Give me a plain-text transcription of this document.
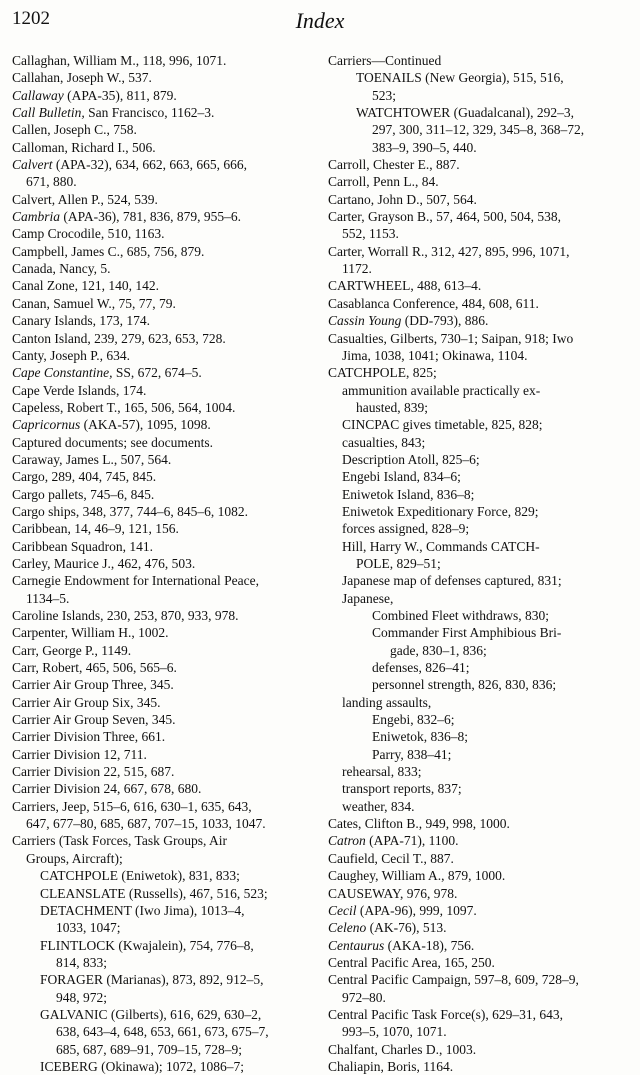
1202	Index
Callaghan, William M., 118, 996, 1071.
Callahan, Joseph W., 537.
Callaway (APA-35), 811, 879.
Call Bulletin, San Francisco, 1162–3.
Callen, Joseph C., 758.
Calloman, Richard I., 506.
Calvert (APA-32), 634, 662, 663, 665, 666,
671, 880.
Calvert, Allen P., 524, 539.
Cambria (APA-36), 781, 836, 879, 955–6.
Camp Crocodile, 510, 1163.
Campbell, James C., 685, 756, 879.
Canada, Nancy, 5.
Canal Zone, 121, 140, 142.
Canan, Samuel W., 75, 77, 79.
Canary Islands, 173, 174.
Canton Island, 239, 279, 623, 653, 728.
Canty, Joseph P., 634.
Cape Constantine, SS, 672, 674–5.
Cape Verde Islands, 174.
Capeless, Robert T., 165, 506, 564, 1004.
Capricornus (AKA-57), 1095, 1098.
Captured documents; see documents.
Caraway, James L., 507, 564.
Cargo, 289, 404, 745, 845.
Cargo pallets, 745–6, 845.
Cargo ships, 348, 377, 744–6, 845–6, 1082.
Caribbean, 14, 46–9, 121, 156.
Caribbean Squadron, 141.
Carley, Maurice J., 462, 476, 503.
Carnegie Endowment for International Peace,
1134–5.
Caroline Islands, 230, 253, 870, 933, 978.
Carpenter, William H., 1002.
Carr, George P., 1149.
Carr, Robert, 465, 506, 565–6.
Carrier Air Group Three, 345.
Carrier Air Group Six, 345.
Carrier Air Group Seven, 345.
Carrier Division Three, 661.
Carrier Division 12, 711.
Carrier Division 22, 515, 687.
Carrier Division 24, 667, 678, 680.
Carriers, Jeep, 515–6, 616, 630–1, 635, 643,
647, 677–80, 685, 687, 707–15, 1033, 1047.
Carriers (Task Forces, Task Groups, Air
Groups, Aircraft);
CATCHPOLE (Eniwetok), 831, 833;
CLEANSLATE (Russells), 467, 516, 523;
DETACHMENT (Iwo Jima), 1013–4,
1033, 1047;
FLINTLOCK (Kwajalein), 754, 776–8,
814, 833;
FORAGER (Marianas), 873, 892, 912–5,
948, 972;
GALVANIC (Gilberts), 616, 629, 630–2,
638, 643–4, 648, 653, 661, 673, 675–7,
685, 687, 689–91, 709–15, 728–9;
ICEBERG (Okinawa); 1072, 1086–7;
Carriers—Continued
TOENAILS (New Georgia), 515, 516,
523;
WATCHTOWER (Guadalcanal), 292–3,
297, 300, 311–12, 329, 345–8, 368–72,
383–9, 390–5, 440.
Carroll, Chester E., 887.
Carroll, Penn L., 84.
Cartano, John D., 507, 564.
Carter, Grayson B., 57, 464, 500, 504, 538,
552, 1153.
Carter, Worrall R., 312, 427, 895, 996, 1071,
1172.
CARTWHEEL, 488, 613–4.
Casablanca Conference, 484, 608, 611.
Cassin Young (DD-793), 886.
Casualties, Gilberts, 730–1; Saipan, 918; Iwo
Jima, 1038, 1041; Okinawa, 1104.
CATCHPOLE, 825;
ammunition available practically ex-
hausted, 839;
CINCPAC gives timetable, 825, 828;
casualties, 843;
Description Atoll, 825–6;
Engebi Island, 834–6;
Eniwetok Island, 836–8;
Eniwetok Expeditionary Force, 829;
forces assigned, 828–9;
Hill, Harry W., Commands CATCH-
POLE, 829–51;
Japanese map of defenses captured, 831;
Japanese,
Combined Fleet withdraws, 830;
Commander First Amphibious Bri-
gade, 830–1, 836;
defenses, 826–41;
personnel strength, 826, 830, 836;
landing assaults,
Engebi, 832–6;
Eniwetok, 836–8;
Parry, 838–41;
rehearsal, 833;
transport reports, 837;
weather, 834.
Cates, Clifton B., 949, 998, 1000.
Catron (APA-71), 1100.
Caufield, Cecil T., 887.
Caughey, William A., 879, 1000.
CAUSEWAY, 976, 978.
Cecil (APA-96), 999, 1097.
Celeno (AK-76), 513.
Centaurus (AKA-18), 756.
Central Pacific Area, 165, 250.
Central Pacific Campaign, 597–8, 609, 728–9,
972–80.
Central Pacific Task Force(s), 629–31, 643,
993–5, 1070, 1071.
Chalfant, Charles D., 1003.
Chaliapin, Boris, 1164.
